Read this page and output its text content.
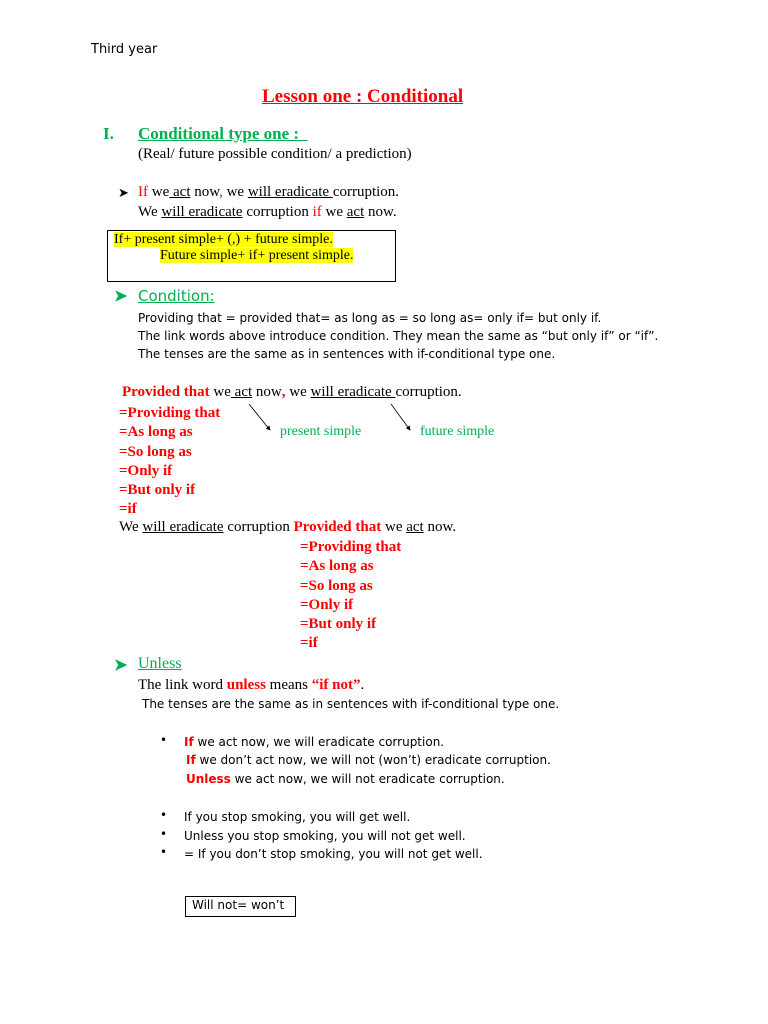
Third year
Lesson one : Conditional
I. Conditional type one :
(Real/ future possible condition/ a prediction)
➤ If we act now, we will eradicate corruption.
We will eradicate corruption if we act now.
If+ present simple+ (,) + future simple.
Future simple+ if+ present simple.
➤ Condition:
Providing that = provided that= as long as = so long as= only if= but only if.
The link words above introduce condition. They mean the same as “but only if” or “if”.
The tenses are the same as in sentences with if-conditional type one.
Provided that we act now, we will eradicate corruption.
=Providing that
=As long as
=So long as
=Only if
=But only if
=if
present simple	future simple
We will eradicate corruption Provided that we act now.
=Providing that
=As long as
=So long as
=Only if
=But only if
=if
➤ Unless
The link word unless means “if not”.
The tenses are the same as in sentences with if-conditional type one.
• If we act now, we will eradicate corruption.
If we don’t act now, we will not (won’t) eradicate corruption.
Unless we act now, we will not eradicate corruption.
• If you stop smoking, you will get well.
• Unless you stop smoking, you will not get well.
• = If you don’t stop smoking, you will not get well.
Will not= won’t
